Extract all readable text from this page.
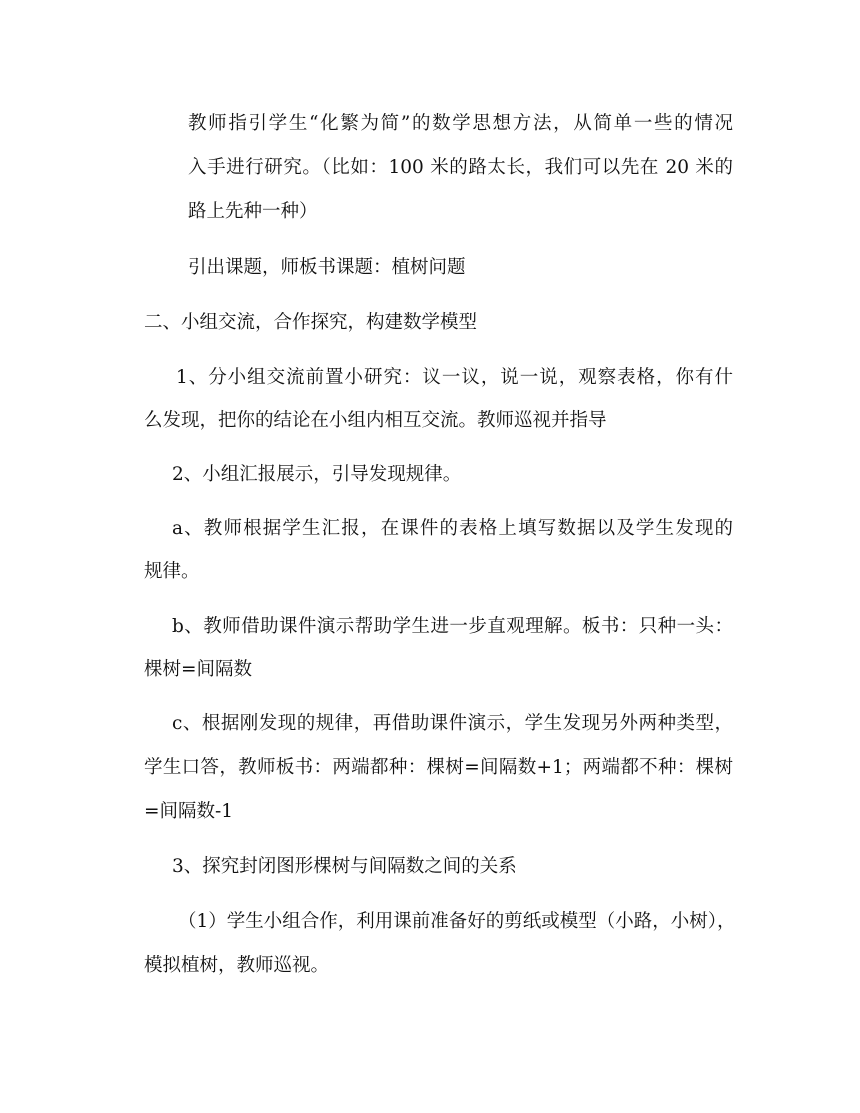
教师指引学生“化繁为简”的数学思想方法，从简单一些的情况
入手进行研究。（比如：100 米的路太长，我们可以先在 20 米的
路上先种一种）
引出课题，师板书课题：植树问题
二、小组交流，合作探究，构建数学模型
1、分小组交流前置小研究：议一议，说一说，观察表格，你有什
么发现，把你的结论在小组内相互交流。教师巡视并指导
2、小组汇报展示，引导发现规律。
a、教师根据学生汇报，在课件的表格上填写数据以及学生发现的
规律。
b、教师借助课件演示帮助学生进一步直观理解。板书：只种一头：
棵树=间隔数
c、根据刚发现的规律，再借助课件演示，学生发现另外两种类型，
学生口答，教师板书：两端都种：棵树=间隔数+1；两端都不种：棵树
=间隔数-1
3、探究封闭图形棵树与间隔数之间的关系
（1）学生小组合作，利用课前准备好的剪纸或模型（小路，小树），
模拟植树，教师巡视。
